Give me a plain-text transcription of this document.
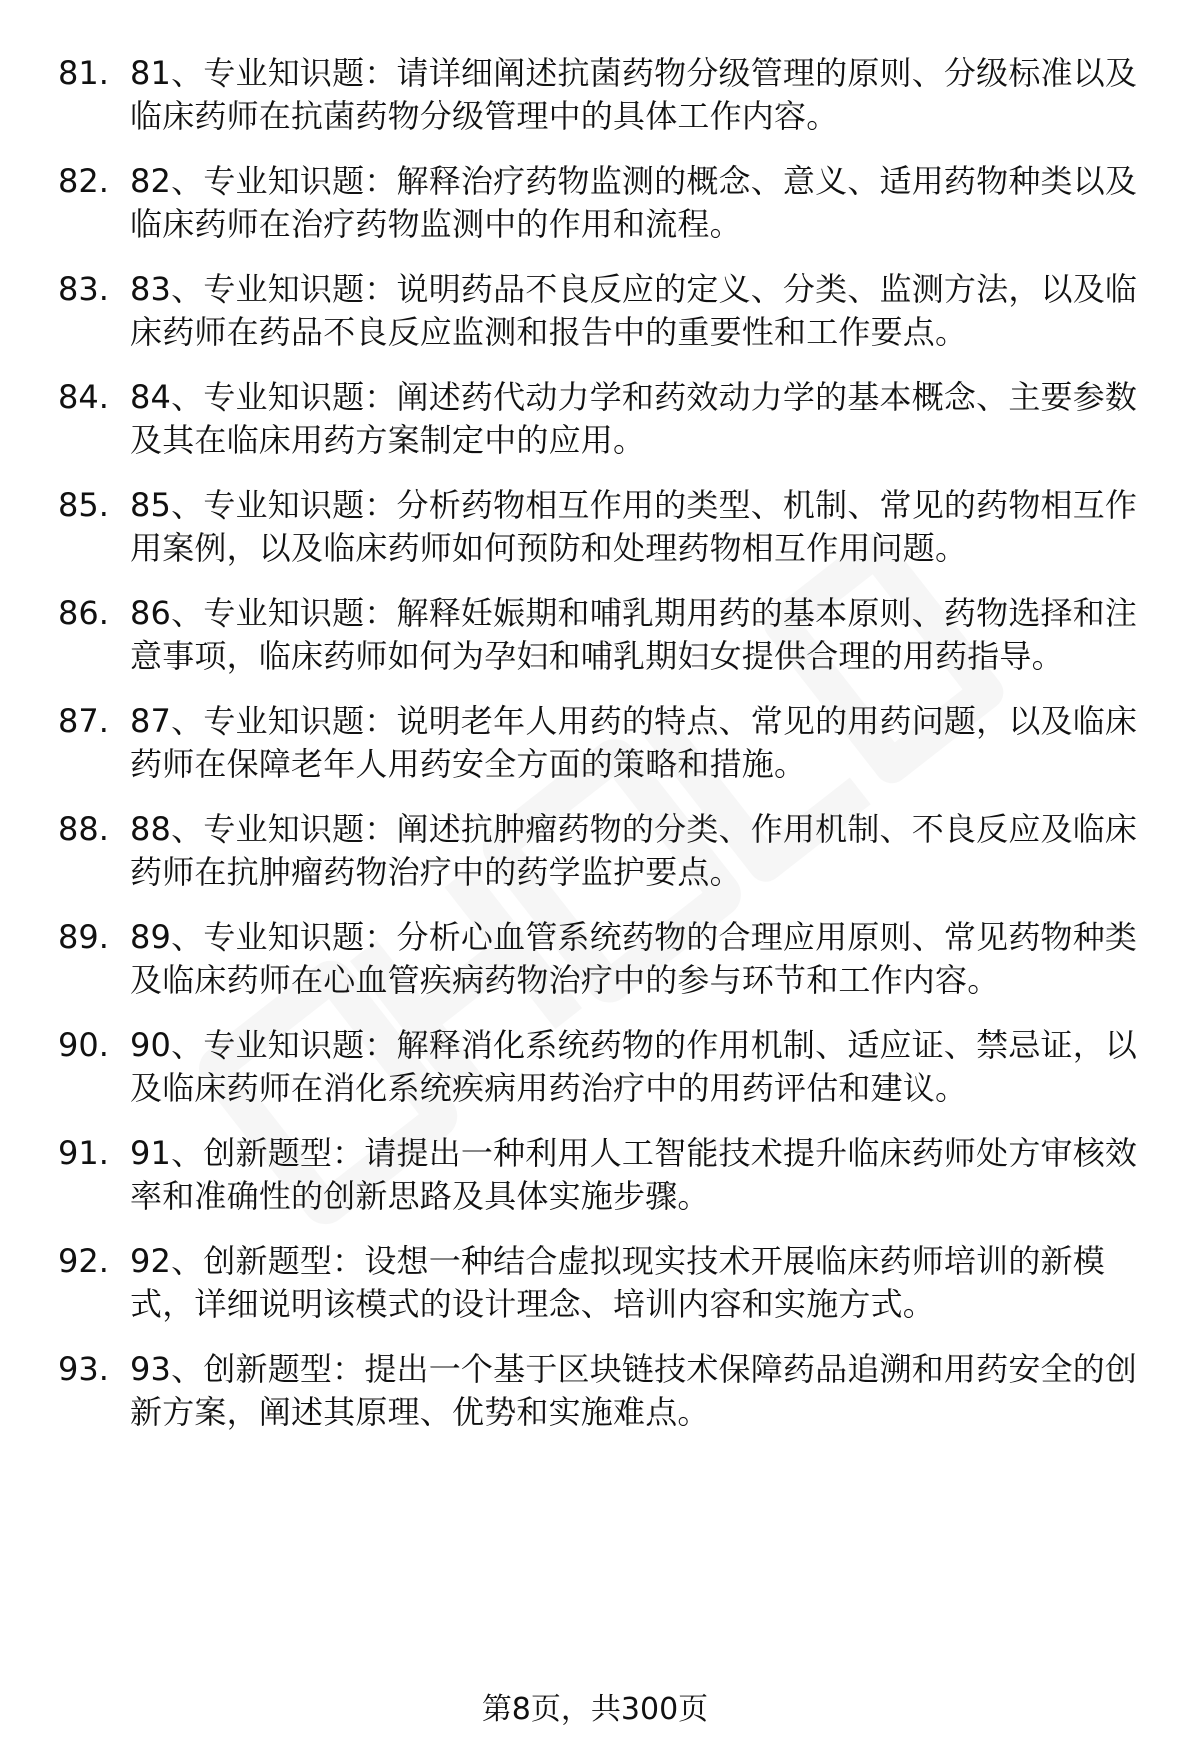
81. 81、专业知识题：请详细阐述抗菌药物分级管理的原则、分级标准以及临床药师在抗菌药物分级管理中的具体工作内容。
82. 82、专业知识题：解释治疗药物监测的概念、意义、适用药物种类以及临床药师在治疗药物监测中的作用和流程。
83. 83、专业知识题：说明药品不良反应的定义、分类、监测方法，以及临床药师在药品不良反应监测和报告中的重要性和工作要点。
84. 84、专业知识题：阐述药代动力学和药效动力学的基本概念、主要参数及其在临床用药方案制定中的应用。
85. 85、专业知识题：分析药物相互作用的类型、机制、常见的药物相互作用案例，以及临床药师如何预防和处理药物相互作用问题。
86. 86、专业知识题：解释妊娠期和哺乳期用药的基本原则、药物选择和注意事项，临床药师如何为孕妇和哺乳期妇女提供合理的用药指导。
87. 87、专业知识题：说明老年人用药的特点、常见的用药问题，以及临床药师在保障老年人用药安全方面的策略和措施。
88. 88、专业知识题：阐述抗肿瘤药物的分类、作用机制、不良反应及临床药师在抗肿瘤药物治疗中的药学监护要点。
89. 89、专业知识题：分析心血管系统药物的合理应用原则、常见药物种类及临床药师在心血管疾病药物治疗中的参与环节和工作内容。
90. 90、专业知识题：解释消化系统药物的作用机制、适应证、禁忌证，以及临床药师在消化系统疾病用药治疗中的用药评估和建议。
91. 91、创新题型：请提出一种利用人工智能技术提升临床药师处方审核效率和准确性的创新思路及具体实施步骤。
92. 92、创新题型：设想一种结合虚拟现实技术开展临床药师培训的新模式，详细说明该模式的设计理念、培训内容和实施方式。
93. 93、创新题型：提出一个基于区块链技术保障药品追溯和用药安全的创新方案，阐述其原理、优势和实施难点。
第8页，共300页
